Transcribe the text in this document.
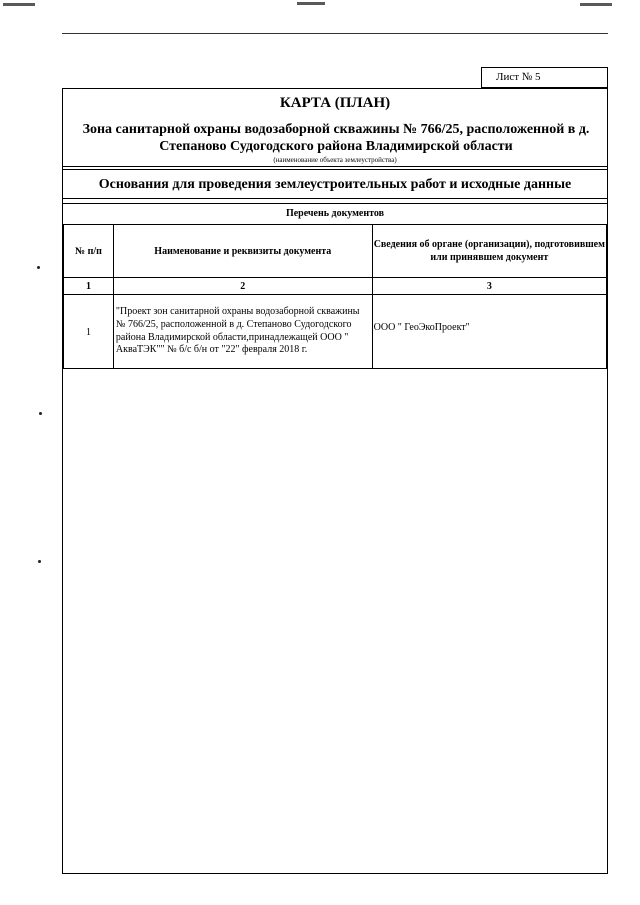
Лист № 5
КАРТА (ПЛАН)
Зона санитарной охраны водозаборной скважины № 766/25, расположенной в д. Степаново Судогодского района Владимирской области
(наименование объекта землеустройства)
Основания для проведения землеустроительных работ и исходные данные
Перечень документов
№ п/п	Наименование и реквизиты документа	Сведения об органе (организации), подготовившем или принявшем документ
1	2	3
1	"Проект зон санитарной охраны водозаборной скважины № 766/25, расположенной в д. Степаново Судогодского района Владимирской области,принадлежащей ООО " АкваТЭК"" № б/с б/н от "22" февраля 2018 г.	ООО " ГеоЭкоПроект"
